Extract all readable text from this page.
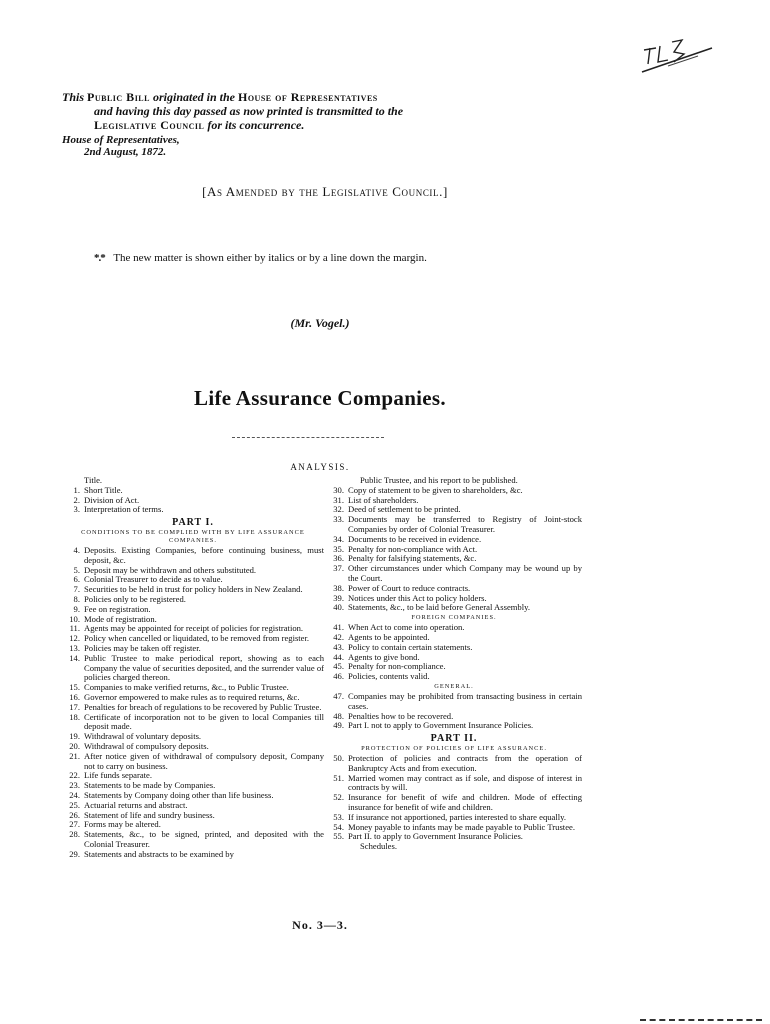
This Public Bill originated in the House of Representatives
and having this day passed as now printed is transmitted to the
Legislative Council for its concurrence.
House of Representatives,
2nd August, 1872.
[As Amended by the Legislative Council.]
*.* The new matter is shown either by italics or by a line down the margin.
(Mr. Vogel.)
Life Assurance Companies.
ANALYSIS.
Title.
1. Short Title.
2. Division of Act.
3. Interpretation of terms.
PART I.
CONDITIONS TO BE COMPLIED WITH BY LIFE ASSURANCE COMPANIES.
4. Deposits. Existing Companies, before continuing business, must deposit, &c.
5. Deposit may be withdrawn and others substituted.
6. Colonial Treasurer to decide as to value.
7. Securities to be held in trust for policy holders in New Zealand.
8. Policies only to be registered.
9. Fee on registration.
10. Mode of registration.
11. Agents may be appointed for receipt of policies for registration.
12. Policy when cancelled or liquidated, to be removed from register.
13. Policies may be taken off register.
14. Public Trustee to make periodical report, showing as to each Company the value of securities deposited, and the surrender value of policies charged thereon.
15. Companies to make verified returns, &c., to Public Trustee.
16. Governor empowered to make rules as to required returns, &c.
17. Penalties for breach of regulations to be recovered by Public Trustee.
18. Certificate of incorporation not to be given to local Companies till deposit made.
19. Withdrawal of voluntary deposits.
20. Withdrawal of compulsory deposits.
21. After notice given of withdrawal of compulsory deposit, Company not to carry on business.
22. Life funds separate.
23. Statements to be made by Companies.
24. Statements by Company doing other than life business.
25. Actuarial returns and abstract.
26. Statement of life and sundry business.
27. Forms may be altered.
28. Statements, &c., to be signed, printed, and deposited with the Colonial Treasurer.
29. Statements and abstracts to be examined by
Public Trustee, and his report to be published.
30. Copy of statement to be given to shareholders, &c.
31. List of shareholders.
32. Deed of settlement to be printed.
33. Documents may be transferred to Registry of Joint-stock Companies by order of Colonial Treasurer.
34. Documents to be received in evidence.
35. Penalty for non-compliance with Act.
36. Penalty for falsifying statements, &c.
37. Other circumstances under which Company may be wound up by the Court.
38. Power of Court to reduce contracts.
39. Notices under this Act to policy holders.
40. Statements, &c., to be laid before General Assembly.
FOREIGN COMPANIES.
41. When Act to come into operation.
42. Agents to be appointed.
43. Policy to contain certain statements.
44. Agents to give bond.
45. Penalty for non-compliance.
46. Policies, contents valid.
GENERAL.
47. Companies may be prohibited from transacting business in certain cases.
48. Penalties how to be recovered.
49. Part I. not to apply to Government Insurance Policies.
PART II.
PROTECTION OF POLICIES OF LIFE ASSURANCE.
50. Protection of policies and contracts from the operation of Bankruptcy Acts and from execution.
51. Married women may contract as if sole, and dispose of interest in contracts by will.
52. Insurance for benefit of wife and children. Mode of effecting insurance for benefit of wife and children.
53. If insurance not apportioned, parties interested to share equally.
54. Money payable to infants may be made payable to Public Trustee.
55. Part II. to apply to Government Insurance Policies.
Schedules.
No. 3—3.
